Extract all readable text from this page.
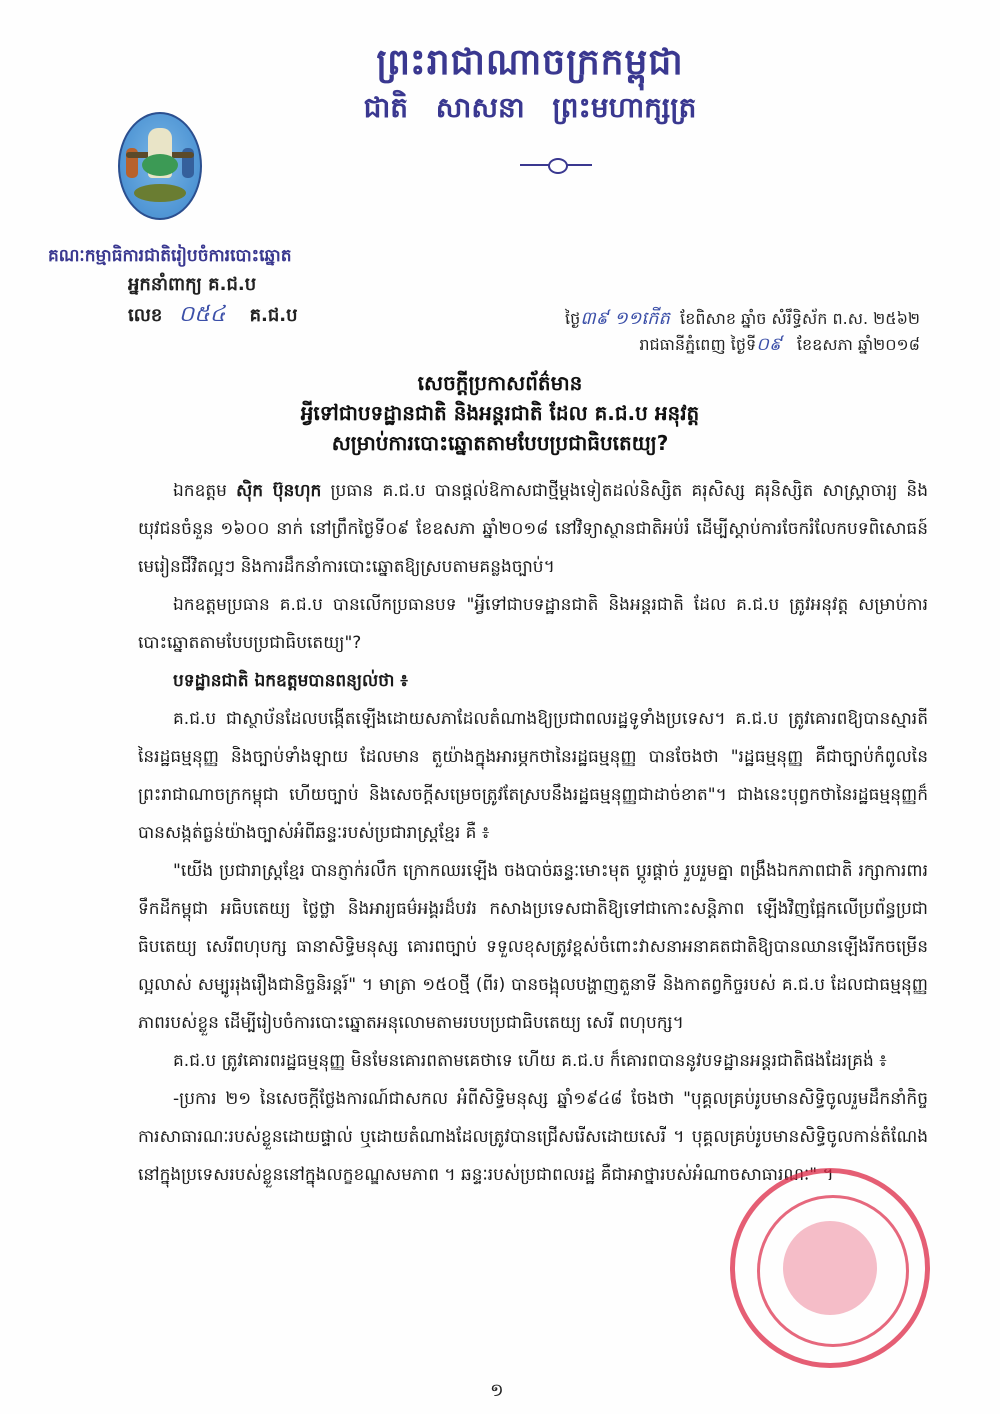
ព្រះរាជាណាចក្រកម្ពុជា
ជាតិ សាសនា ព្រះមហាក្សត្រ
គណៈកម្មាធិការជាតិរៀបចំការបោះឆ្នោត
អ្នកនាំពាក្យ គ.ជ.ប
លេខ ០៥៤ គ.ជ.ប	ថ្ងៃ៣៩ ១១កើត ខែពិសាខ ឆ្នាំច សំរឹទ្ធិស័ក ព.ស. ២៥៦២
រាជធានីភ្នំពេញ ថ្ងៃទី០៩ ខែឧសភា ឆ្នាំ២០១៨
សេចក្តីប្រកាសព័ត៌មាន
អ្វីទៅជាបទដ្ឋានជាតិ និងអន្តរជាតិ ដែល គ.ជ.ប អនុវត្ត
សម្រាប់ការបោះឆ្នោតតាមបែបប្រជាធិបតេយ្យ?

ឯកឧត្តម ស៊ិក ប៊ុនហុក ប្រធាន គ.ជ.ប បានផ្តល់ឱកាសជាថ្មីម្តងទៀតដល់និស្សិត គរុសិស្ស គរុនិស្សិត សាស្ត្រាចារ្យ និងយុវជនចំនួន ១៦០០ នាក់ នៅព្រឹកថ្ងៃទី០៩ ខែឧសភា ឆ្នាំ២០១៨ នៅវិទ្យាស្ថានជាតិអប់រំ ដើម្បីស្តាប់ការចែករំលែកបទពិសោធន៍ មេរៀនជីវិតល្អៗ និងការដឹកនាំការបោះឆ្នោតឱ្យស្របតាមគន្លងច្បាប់។

ឯកឧត្តមប្រធាន គ.ជ.ប បានលើកប្រធានបទ "អ្វីទៅជាបទដ្ឋានជាតិ និងអន្តរជាតិ ដែល គ.ជ.ប ត្រូវអនុវត្ត សម្រាប់ការបោះឆ្នោតតាមបែបប្រជាធិបតេយ្យ"?

បទដ្ឋានជាតិ ឯកឧត្តមបានពន្យល់ថា ៖

គ.ជ.ប ជាស្ថាប័នដែលបង្កើតឡើងដោយសភាដែលតំណាងឱ្យប្រជាពលរដ្ឋទូទាំងប្រទេស។ គ.ជ.ប ត្រូវគោរពឱ្យបានស្មារតីនៃរដ្ឋធម្មនុញ្ញ និងច្បាប់ទាំងឡាយ ដែលមាន តួយ៉ាងក្នុងអារម្ភកថានៃរដ្ឋធម្មនុញ្ញ បានចែងថា "រដ្ឋធម្មនុញ្ញ គឺជាច្បាប់កំពូលនៃព្រះរាជាណាចក្រកម្ពុជា ហើយច្បាប់ និងសេចក្តីសម្រេចត្រូវតែស្របនឹងរដ្ឋធម្មនុញ្ញជាដាច់ខាត"។ ជាងនេះបុព្វកថានៃរដ្ឋធម្មនុញ្ញក៏បានសង្កត់ធ្ងន់យ៉ាងច្បាស់អំពីឆន្ទៈរបស់ប្រជារាស្ត្រខ្មែរ គឺ ៖

"យើង ប្រជារាស្ត្រខ្មែរ បានភ្ញាក់រលឹក ក្រោកឈរឡើង ចងបាច់ឆន្ទៈមោះមុត ប្តូរផ្តាច់ រួបរួមគ្នា ពង្រឹងឯកភាពជាតិ រក្សាការពារទឹកដីកម្ពុជា អធិបតេយ្យ ថ្លៃថ្លា និងអារ្យធម៌អង្គរដ៏បវរ កសាងប្រទេសជាតិឱ្យទៅជាកោះសន្តិភាព ឡើងវិញផ្អែកលើប្រព័ន្ធប្រជាធិបតេយ្យ សេរីពហុបក្ស ធានាសិទ្ធិមនុស្ស គោរពច្បាប់ ទទួលខុសត្រូវខ្ពស់ចំពោះវាសនាអនាគតជាតិឱ្យបានឈានឡើងរីកចម្រើនល្អលាស់ សម្បូររុងរឿងជានិច្ចនិរន្តរ៍" ។ មាត្រា ១៥០ថ្មី (ពីរ) បានចង្អុលបង្ហាញតួនាទី និងកាតព្វកិច្ចរបស់ គ.ជ.ប ដែលជាធម្មនុញ្ញភាពរបស់ខ្លួន ដើម្បីរៀបចំការបោះឆ្នោតអនុលោមតាមរបបប្រជាធិបតេយ្យ សេរី ពហុបក្ស។

គ.ជ.ប ត្រូវគោរពរដ្ឋធម្មនុញ្ញ មិនមែនគោរពតាមគេថាទេ ហើយ គ.ជ.ប ក៏គោរពបាននូវបទដ្ឋានអន្តរជាតិផងដែរគ្រង់ ៖

-ប្រការ ២១ នៃសេចក្តីថ្លែងការណ៍ជាសកល អំពីសិទ្ធិមនុស្ស ឆ្នាំ១៩៤៨ ចែងថា "បុគ្គលគ្រប់រូបមានសិទ្ធិចូលរួមដឹកនាំកិច្ចការសាធារណៈរបស់ខ្លួនដោយផ្ទាល់ ឬដោយតំណាងដែលត្រូវបានជ្រើសរើសដោយសេរី ។ បុគ្គលគ្រប់រូបមានសិទ្ធិចូលកាន់តំណែងនៅក្នុងប្រទេសរបស់ខ្លួននៅក្នុងលក្ខខណ្ឌសមភាព ។ ឆន្ទៈរបស់ប្រជាពលរដ្ឋ គឺជាអាថ្នារបស់អំណាចសាធារណៈ" ។

១
